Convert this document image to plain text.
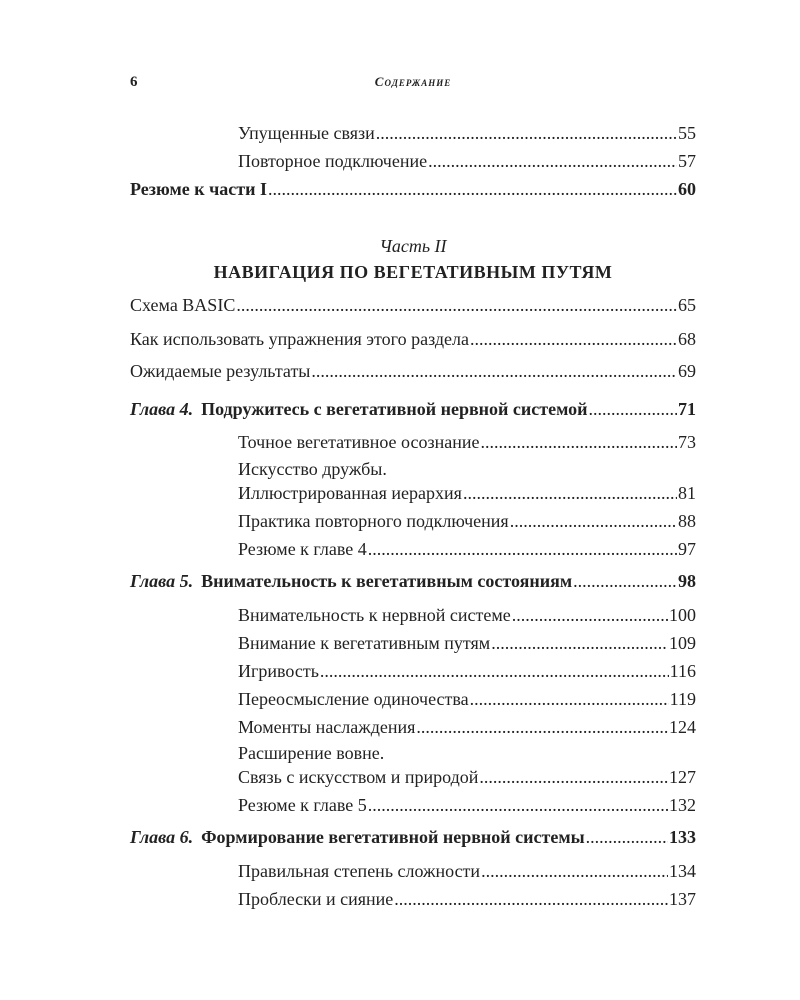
6	Содержание
Упущенные связи .....	55
Повторное подключение .....	57
Резюме к части I .....	60
Часть II
НАВИГАЦИЯ ПО ВЕГЕТАТИВНЫМ ПУТЯМ
Схема BASIC .....	65
Как использовать упражнения этого раздела .....	68
Ожидаемые результаты .....	69
Глава 4. Подружитесь с вегетативной нервной системой .....	71
Точное вегетативное осознание .....	73
Искусство дружбы.
Иллюстрированная иерархия .....	81
Практика повторного подключения .....	88
Резюме к главе 4 .....	97
Глава 5. Внимательность к вегетативным состояниям .....	98
Внимательность к нервной системе .....	100
Внимание к вегетативным путям .....	109
Игривость .....	116
Переосмысление одиночества .....	119
Моменты наслаждения .....	124
Расширение вовне.
Связь с искусством и природой .....	127
Резюме к главе 5 .....	132
Глава 6. Формирование вегетативной нервной системы .....	133
Правильная степень сложности .....	134
Проблески и сияние .....	137
